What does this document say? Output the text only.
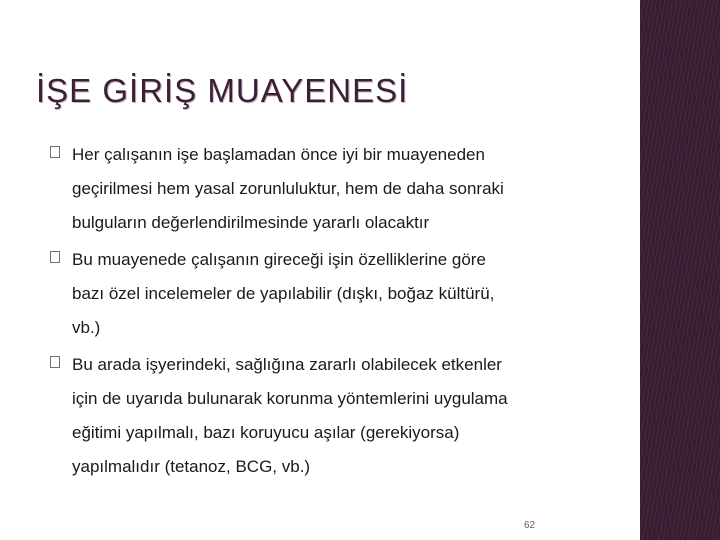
İŞE GİRİŞ MUAYENESİ
Her çalışanın işe başlamadan önce iyi bir muayeneden
geçirilmesi hem yasal zorunluluktur, hem de daha sonraki
bulguların değerlendirilmesinde yararlı olacaktır
Bu muayenede çalışanın gireceği işin özelliklerine göre
bazı özel incelemeler de yapılabilir (dışkı, boğaz kültürü,
vb.)
Bu arada işyerindeki, sağlığına zararlı olabilecek etkenler
için de uyarıda bulunarak korunma yöntemlerini uygulama
eğitimi yapılmalı, bazı koruyucu aşılar (gerekiyorsa)
yapılmalıdır (tetanoz, BCG, vb.)
62
